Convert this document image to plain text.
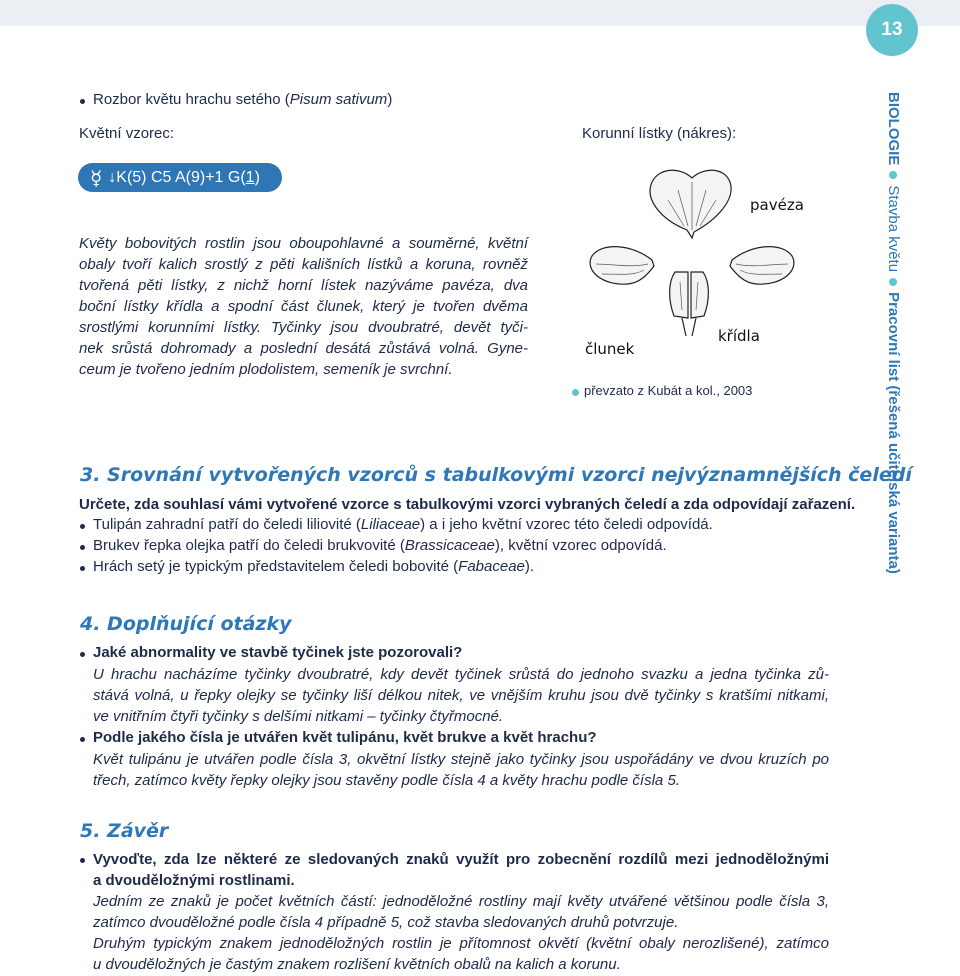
13
BIOLOGIE
Stavba květu
Pracovní list (řešená učitelská varianta)
Rozbor květu hrachu setého (Pisum sativum)
Květní vzorec:
☿ ↓ K(5) C5 A(9)+1 G(1)
Květy bobovitých rostlin jsou oboupohlavné a souměrné, květní
obaly tvoří kalich srostlý z pěti kališních lístků a koruna, rovněž
tvořená pěti lístky, z nichž horní lístek nazýváme pavéza, dva
boční lístky křídla a spodní část člunek, který je tvořen dvěma
srostlými korunními lístky. Tyčinky jsou dvoubratré, devět tyči-
nek srůstá dohromady a poslední desátá zůstává volná. Gyne-
ceum je tvořeno jedním plodolistem, semeník je svrchní.
Korunní lístky (nákres):
pavéza
křídla
člunek
převzato z Kubát a kol., 2003
3. Srovnání vytvořených vzorců s tabulkovými vzorci nejvýznamnějších čeledí
Určete, zda souhlasí vámi vytvořené vzorce s tabulkovými vzorci vybraných čeledí a zda odpovídají zařazení.
Tulipán zahradní patří do čeledi liliovité (Liliaceae) a i jeho květní vzorec této čeledi odpovídá.
Brukev řepka olejka patří do čeledi brukvovité (Brassicaceae), květní vzorec odpovídá.
Hrách setý je typickým představitelem čeledi bobovité (Fabaceae).
4. Doplňující otázky
Jaké abnormality ve stavbě tyčinek jste pozorovali?
U hrachu nacházíme tyčinky dvoubratré, kdy devět tyčinek srůstá do jednoho svazku a jedna tyčinka zů-
stává volná, u řepky olejky se tyčinky liší délkou nitek, ve vnějším kruhu jsou dvě tyčinky s kratšími nitkami,
ve vnitřním čtyři tyčinky s delšími nitkami – tyčinky čtyřmocné.
Podle jakého čísla je utvářen květ tulipánu, květ brukve a květ hrachu?
Květ tulipánu je utvářen podle čísla 3, okvětní lístky stejně jako tyčinky jsou uspořádány ve dvou kruzích po
třech, zatímco květy řepky olejky jsou stavěny podle čísla 4 a květy hrachu podle čísla 5.
5. Závěr
Vyvoďte, zda lze některé ze sledovaných znaků využít pro zobecnění rozdílů mezi jednoděložnými
a dvouděložnými rostlinami.
Jedním ze znaků je počet květních částí: jednoděložné rostliny mají květy utvářené většinou podle čísla 3,
zatímco dvouděložné podle čísla 4 případně 5, což stavba sledovaných druhů potvrzuje.
Druhým typickým znakem jednoděložných rostlin je přítomnost okvětí (květní obaly nerozlišené), zatímco
u dvouděložných je častým znakem rozlišení květních obalů na kalich a korunu.
